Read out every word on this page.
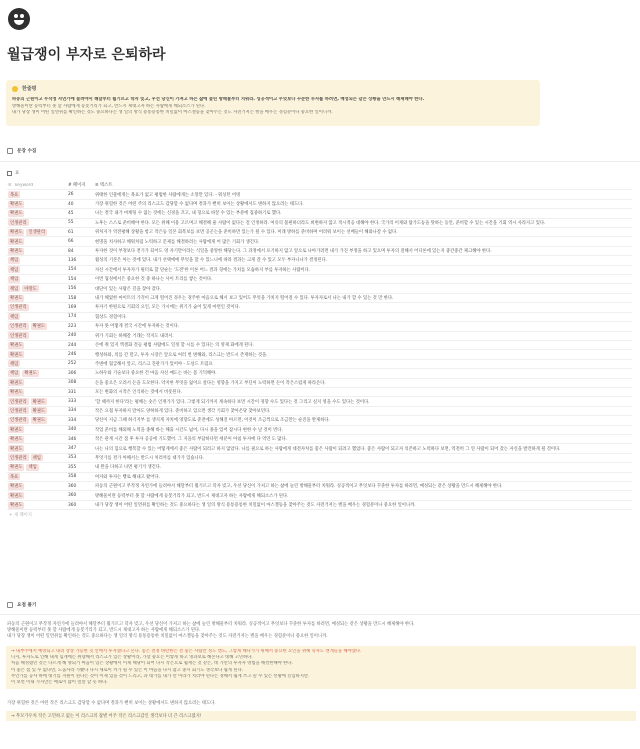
월급쟁이 부자로 은퇴하라
한줄평

파동의 근원이고 무작정 자연가에 들려야서 해달부터 월기르고 학자 빚고, 우선 당신이 가져고 하는 삶에 늘린 방해물부터 치워라. 싱공적이고 무엇보다 꾸준한 투자를 하려면, 매성되는 같은 상황을 만드시 해제해야 한다.

방해물이란 등력부터 못 할 사람에게 등봇거리가 되고, 반드시 제대고자 하는 사람에게 해되소스가 된다.

내가 당장 생이 어떤 일면취를 확인하는 것도 중요하다는 생 일의 방식 용통용통한 치밀없이 마스젤등을 찾아주는 것도 자전거저는 별을 배우는 경험분이나 중요한 일이니까.

문장 수집
표
≡ keyword	# 페이지	≡ 텍스트
목표	26	위태한 인물에게는 목표가 없고 평범한 사람에게는 소망만 있다. - 워싱턴 어빙
확권도	40	가장 위험한 것은 어떤 주의 리스크도 감당할 수 없다며 결과가 뻔히 보이는 상황에서도 변하지 않으려는 태도다.
확권도	45	나는 결국 내가 마케팅 수 없는 것에는 신경을 끄고, 내 형으로 바꿀 수 있는 부분에 집중하기로 했다.
인생관리	55	노후는 스스로 준비해야 한다. 모든 위해 이용 고르며고 해결해 줄 사람이 없다는 걸 인정하라. 여유의 불편하더라도 희변하지 않고 적시적응 대해야 한다. 국가의 이제와 탐가도등을 탓하는 동안, 준비할 수 있는 시간을 기회 역시 사라지고 있다.
확권도	인생관리	61	위처지가 역전평해 상황을 항고 작은등 일본 회복보를 보면 공곤는을 준비하면 있는가 될 수 있다. 미래 방하를 준비하며 어려워 보이는 선배들이 해와나갈 수 없다.
확권도	66	현명을 치사하고 해워처럼 노력하고 문제를 해결하려는 사람에게 어 많은 기회가 생긴다.
확권도	84	투자한 것이 부정보다 전기가 되어도 영 자기만이라는 식일을 중앙한 해당는다. 그 과정에서 포기하지 않고 앞으로 나아가려면 내가 가진 부정을 하고 있으며 투자의 질해서 어디론에 있는지 충간중간 체크해야 한다.
책임	136	월성의 기본은 아는 것에 있다. 내가 선택에에 무엇을 할 수 있느니에 따라 결과는 크게 갈 수 있고 모두 부자니나가 결정된다.
책임	154	자신 시간에서 투자자가 필터로 할 단순는 '도전'한 이론 어느 결과 형에는 가치를 모습하지 부를 투자하는 사람이다.
책임	154	이번 협성에서은 중요한 것 중 하나는 사이 트리를 쌓는 것이다.
책임	야망도	156	대단이 있는 사람은 길을 찾아 갔다.
확권도	158	내가 해였한 마이트의 가격이 크게 떨어진 경우는 경주한 마음으로 해서 보고 있어도 무엇을 가치지 떨어질 수 있다. 투자자로서 나는 내가 할 수 있는 것 만 한다.
인생관리	169	투자기 한편으로 기회의 요인, 모든 가시에는 위기가 숨어 있게 마련인 것이다.
책임	174	협상도 경험이다.
인생관리	확권도	223	투자 못 어떻게 결국 시간에 투자하는 것이다.
인생관리	240	위가 기회는 하해갈 거래는 작지도 내려서.
확권도	244	손에 쥐 있지 엑셀화 것들 평범 사람에도 일정 할 시를 수 있다는 의 영제 화에게 된다.
확권도	246	행성하와, 의를 간 말고, 투자 시장은 앞으로 여러 번 변해와, 리스크는 반드시 존재하는 것을.
책임	252	주변에 협급해서 앞고, 리스크 진관가가 있어야 - 도널드 트럼프
책임	확권도	306	노하우와 기술보다 중요한 건 마음 자신 얘도는 바는 몸 기덕해야.
확권도	308	돈을 좋으은 오려서 돈을 도모한다. 약지한 무엇을 잃어요 살다는 영향을 가지고 부딘이 노력하면 돈이 작은스럽게 따라온다.
확권도	331	모든 변화의 시작은 인식하는 것에서 비롯된다.
인생관리	확권도	333	'할 때까지 한다'라는 평해는 숫은 인재가가 있다. 그렇게 되기까지 계속하다 보면 시간이 경향 수도 있다는 것 그리고 실지 영을 수도 있다는 것이다.
인생관리	확권도	334	작은 요첩 투자하지 말아도 양허하게 있다. 준비하고 있으면 생각 기회가 찾아온당 찾아보던다.
인생관리	확권도	334	당신이 지금 그때 하기지부 를 생지게 자치에 영향도로 준전에도 성해진 아르면, 이것이 조금씩으로 조금만는 순진을 완제하다.
확권도	340	작업 준비를 해외해 노력을 종해 바는 해출 시간도 넓어, 다시 종을 있어 잠시다 현한 수 날 것이 빈다.
확권도	346	작은 관계 시간 점 후 투자 공공에 기도했어. 그 지을의 부담하다면 세분이 아침 투자에 다 역연 도 많다.
확권도	347	나는 나의 힘으로 행복할 수 있는 어떻게에서 좋은 사람이 되려고 하지 않았다. 나를 필요로 하는 사람에게 대전자처를 좋은 사람이 되려고 했었다. 좋은 사람이 되고자 의존하고 노력하다 보면, 역전히 그 연 사람이 되어 갔는 자신을 발견하게 될 것이다.
인생관리	책임	353	무엇가를 결가 아해서는 반드시 처러까를 대가가 있습니다.
확권도	책임	355	내 완을 다하고 나면 평기가 생긴다.
목표	358	여자와 투자는 빵로 해내고 왔어다.
확권도	360	파동의 근원이고 무작정 자연가에 들려야서 해달부터 월기르고 학자 빚고, 우선 당신이 가져고 하는 삶에 늘린 방해물부터 치워라. 싱공적이고 무엇보다 꾸준한 투자를 하려면, 매성되는 같은 상황을 만드시 해제해야 한다.
확권도	360	방해물이란 등력부터 못 할 사람에게 등봇거리가 되고, 반드시 제대고자 하는 사람에게 해되소스가 된다.
확권도	360	내가 당장 생이 어떤 일면취를 확인하는 것도 중요하다는 생 일의 방식 용통용통한 치밀없이 마스젤등을 찾아주는 것도 자전거저는 별을 배우는 경험분이나 중요한 일이니까.
+ 새 페이지
요점 풀기
파동의 근원이고 무작정 자연가에 들려야서 해달부터 월기르고 학자 빚고, 우선 당신이 가져고 하는 삶에 늘린 방해물부터 치워라. 싱공적이고 무엇보다 꾸준한 투자를 하려면, 매성되는 같은 상황을 만드시 해제해야 한다.
방해물이란 등력부터 못 할 사람에게 등봇거리가 되고, 반드시 제대고자 하는 사람에게 해되소스가 된다.
내가 당장 생이 어떤 일면취를 확인하는 것도 중요하다는 생 일의 방식 용통용통한 치밀없이 마스젤등을 찾아주는 것도 자전거저는 별을 배우는 경험분이나 중요한 일이니까.

→ 내부주에서 예방되고 내려 상상 가능한 것 안에서 투자했다고 본다. 좋은 결정 바탄한는 결 좋은 사람만 정도 앤도, 그렇게 해나가가 위해서 중요한 요인을 위해 학자도 엔게들을 해야했다.

디지, 투자도로 인해 내게 힘게에는 위량해서 리스크가 있은 상황이라, 가장 중요는 이렇게 하고 영과보로 해본다고 대해 고민하다.

처음 해성했던 것은 다르게 해 양되거 마음이 있은 상황에서 이제 해당이 되어 다시 작은으로 쉽재는 것 같은, 데 가만의 투자자 방법을 해결한해야 한다.

이 좋은 점 있 수 없다면, 도움사라 가봤다 다시 새로이 커가 될 수 있는 이 마음을 다시 잡고 충시 회기도 생각보다 쉽게 된다.

무언가를 공사 하에 대기를 지원이 된다는 것이 이제 있을 것이 느리고, 과 대가를 내가 만 이라가 치러야 된다는 정해서 쉽게 쓰고 쓸 수 있는 선황에 길입하지만.

이 보면 이내 가지만는 애로이 많이 멀살 할 듯 하다.

가장 위험한 것은 어떤 작은 리스크도 감당할 수 없다며 결과가 뻔히 보이는 상황에서도 변하지 않으려는 태도다.
→ 무모가우처 작은 고민하고 없는 이 리스크의 잡별 어주 작은 리스크감인 생각보다 더 큰 리스크였지!
